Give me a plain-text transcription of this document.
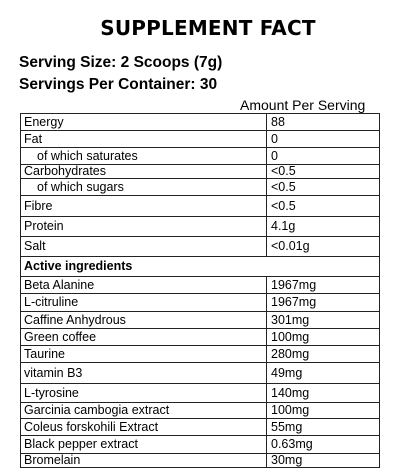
SUPPLEMENT FACT
Serving Size: 2 Scoops (7g)
Servings Per Container: 30
Amount Per Serving
Energy	88

Fat	0

of which saturates	0

Carbohydrates	<0.5

of which sugars	<0.5

Fibre	<0.5

Protein	4.1g

Salt	<0.01g

Active ingredients	

Beta Alanine	1967mg

L-citruline	1967mg

Caffine Anhydrous	301mg

Green coffee	100mg

Taurine	280mg

vitamin B3	49mg

L-tyrosine	140mg

Garcinia cambogia extract	100mg

Coleus forskohili Extract	55mg

Black pepper extract	0.63mg

Bromelain	30mg
